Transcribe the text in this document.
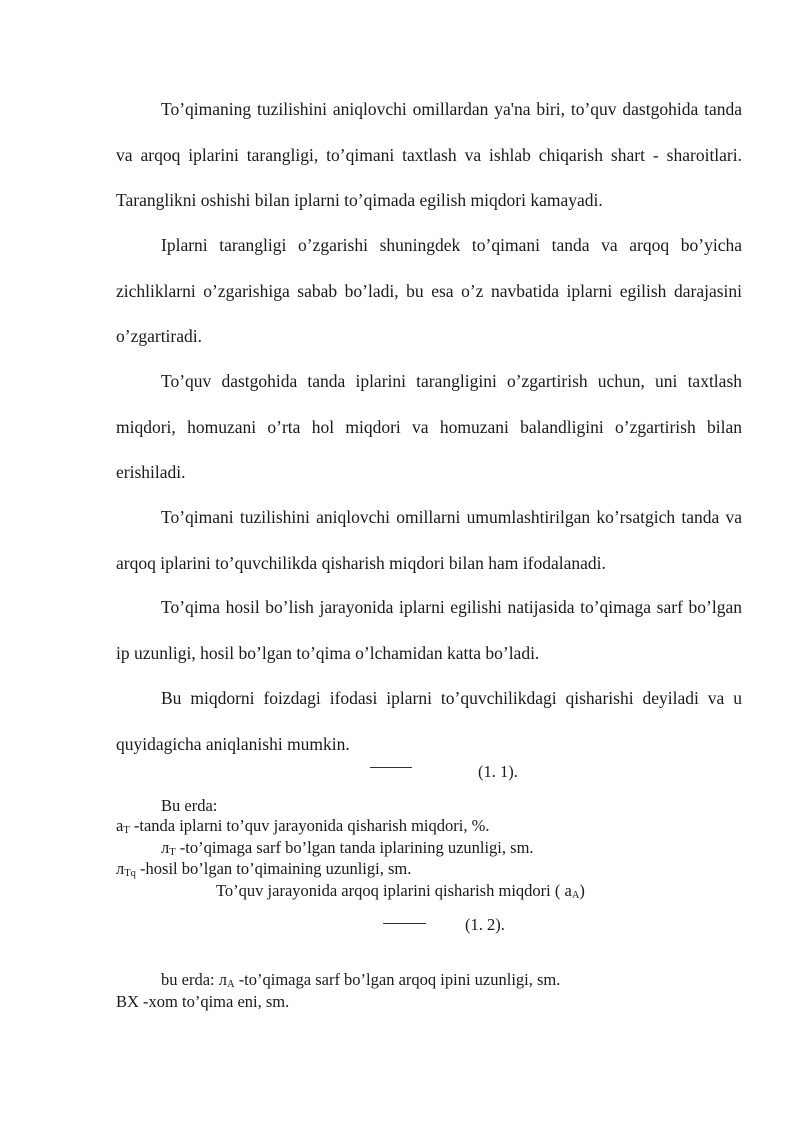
To’qimaning tuzilishini aniqlovchi omillardan ya'na biri, to’quv dastgohida tanda va arqoq iplarini tarangligi, to’qimani taxtlash va ishlab chiqarish shart - sharoitlari. Taranglikni oshishi bilan iplarni to’qimada egilish miqdori kamayadi.

Iplarni tarangligi o’zgarishi shuningdek to’qimani tanda va arqoq bo’yicha zichliklarni o’zgarishiga sabab bo’ladi, bu esa o’z navbatida iplarni egilish darajasini o’zgartiradi.

To’quv dastgohida tanda iplarini tarangligini o’zgartirish uchun, uni taxtlash miqdori, homuzani o’rta hol miqdori va homuzani balandligini o’zgartirish bilan erishiladi.

To’qimani tuzilishini aniqlovchi omillarni umumlashtirilgan ko’rsatgich tanda va arqoq iplarini to’quvchilikda qisharish miqdori bilan ham ifodalanadi.

To’qima hosil bo’lish jarayonida iplarni egilishi natijasida to’qimaga sarf bo’lgan ip uzunligi, hosil bo’lgan to’qima o’lchamidan katta bo’ladi.

Bu miqdorni foizdagi ifodasi iplarni to’quvchilikdagi qisharishi deyiladi va u quyidagicha aniqlanishi mumkin.

(1. 1).
Bu erda:
$a_T$ -tanda iplarni to’quv jarayonida qisharish miqdori, %.
$л_T$ -to’qimaga sarf bo’lgan tanda iplarining uzunligi, sm.
$л_{Tq}$ -hosil bo’lgan to’qimaining uzunligi, sm.
To’quv jarayonida arqoq iplarini qisharish miqdori ( $a_A$)
(1. 2).
bu erda: $л_A$ -to’qimaga sarf bo’lgan arqoq ipini uzunligi, sm.
BX -xom to’qima eni, sm.
